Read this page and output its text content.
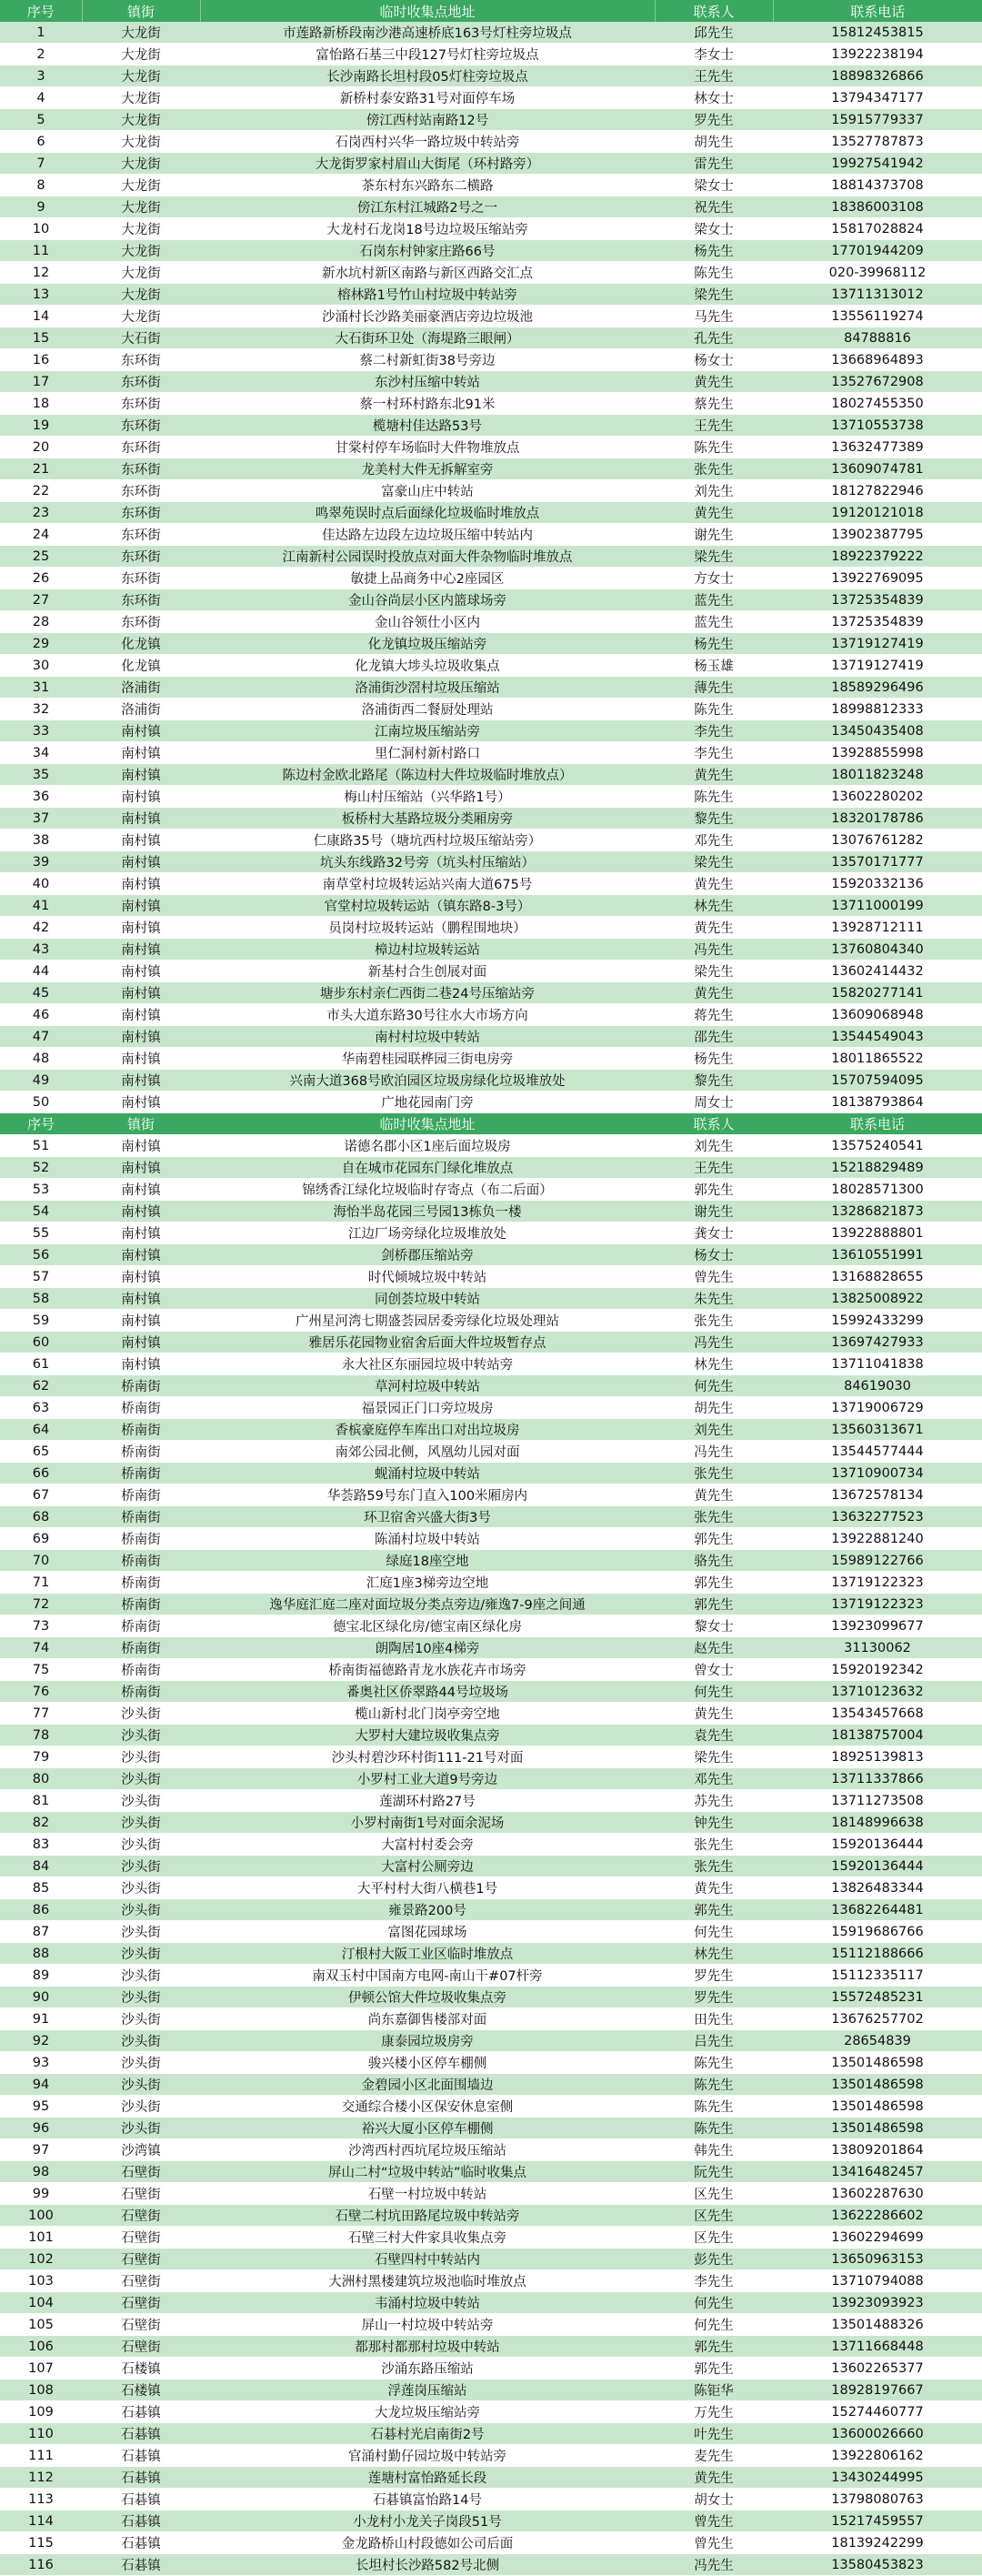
序号	镇街	临时收集点地址	联系人	联系电话
1	大龙街	市莲路新桥段南沙港高速桥底163号灯柱旁垃圾点	邱先生	15812453815
2	大龙街	富怡路石基三中段127号灯柱旁垃圾点	李女士	13922238194
3	大龙街	长沙南路长坦村段05灯柱旁垃圾点	王先生	18898326866
4	大龙街	新桥村泰安路31号对面停车场	林女士	13794347177
5	大龙街	傍江西村站南路12号	罗先生	15915779337
6	大龙街	石岗西村兴华一路垃圾中转站旁	胡先生	13527787873
7	大龙街	大龙街罗家村眉山大街尾（环村路旁）	雷先生	19927541942
8	大龙街	茶东村东兴路东二横路	梁女士	18814373708
9	大龙街	傍江东村江城路2号之一	祝先生	18386003108
10	大龙街	大龙村石龙岗18号边垃圾压缩站旁	梁女士	15817028824
11	大龙街	石岗东村钟家庄路66号	杨先生	17701944209
12	大龙街	新水坑村新区南路与新区西路交汇点	陈先生	020-39968112
13	大龙街	榕林路1号竹山村垃圾中转站旁	梁先生	13711313012
14	大龙街	沙涌村长沙路美丽豪酒店旁边垃圾池	马先生	13556119274
15	大石街	大石街环卫处（海堤路三眼闸）	孔先生	84788816
16	东环街	蔡二村新虹街38号旁边	杨女士	13668964893
17	东环街	东沙村压缩中转站	黄先生	13527672908
18	东环街	蔡一村环村路东北91米	蔡先生	18027455350
19	东环街	榄塘村佳达路53号	王先生	13710553738
20	东环街	甘棠村停车场临时大件物堆放点	陈先生	13632477389
21	东环街	龙美村大件无拆解室旁	张先生	13609074781
22	东环街	富豪山庄中转站	刘先生	18127822946
23	东环街	鸣翠苑误时点后面绿化垃圾临时堆放点	黄先生	19120121018
24	东环街	佳达路左边段左边垃圾压缩中转站内	谢先生	13902387795
25	东环街	江南新村公园误时投放点对面大件杂物临时堆放点	梁先生	18922379222
26	东环街	敏捷上品商务中心2座园区	方女士	13922769095
27	东环街	金山谷尚层小区内篮球场旁	蓝先生	13725354839
28	东环街	金山谷领仕小区内	蓝先生	13725354839
29	化龙镇	化龙镇垃圾压缩站旁	杨先生	13719127419
30	化龙镇	化龙镇大埗头垃圾收集点	杨玉雄	13719127419
31	洛浦街	洛浦街沙滘村垃圾压缩站	薄先生	18589296496
32	洛浦街	洛浦街西二餐厨处理站	陈先生	18998812333
33	南村镇	江南垃圾压缩站旁	李先生	13450435408
34	南村镇	里仁洞村新村路口	李先生	13928855998
35	南村镇	陈边村金欧北路尾（陈边村大件垃圾临时堆放点）	黄先生	18011823248
36	南村镇	梅山村压缩站（兴华路1号）	陈先生	13602280202
37	南村镇	板桥村大基路垃圾分类厢房旁	黎先生	18320178786
38	南村镇	仁康路35号（塘坑西村垃圾压缩站旁）	邓先生	13076761282
39	南村镇	坑头东线路32号旁（坑头村压缩站）	梁先生	13570171777
40	南村镇	南草堂村垃圾转运站兴南大道675号	黄先生	15920332136
41	南村镇	官堂村垃圾转运站（镇东路8-3号）	林先生	13711000199
42	南村镇	员岗村垃圾转运站（鹏程围地块）	黄先生	13928712111
43	南村镇	樟边村垃圾转运站	冯先生	13760804340
44	南村镇	新基村合生创展对面	梁先生	13602414432
45	南村镇	塘步东村亲仁西街二巷24号压缩站旁	黄先生	15820277141
46	南村镇	市头大道东路30号往水大市场方向	蒋先生	13609068948
47	南村镇	南村村垃圾中转站	邵先生	13544549043
48	南村镇	华南碧桂园联桦园三街电房旁	杨先生	18011865522
49	南村镇	兴南大道368号欧泊园区垃圾房绿化垃圾堆放处	黎先生	15707594095
50	南村镇	广地花园南门旁	周女士	18138793864
序号	镇街	临时收集点地址	联系人	联系电话
51	南村镇	诺德名郡小区1座后面垃圾房	刘先生	13575240541
52	南村镇	自在城市花园东门绿化堆放点	王先生	15218829489
53	南村镇	锦绣香江绿化垃圾临时存寄点（布二后面）	郭先生	18028571300
54	南村镇	海怡半岛花园三号园13栋负一楼	谢先生	13286821873
55	南村镇	江边厂场旁绿化垃圾堆放处	龚女士	13922888801
56	南村镇	剑桥郡压缩站旁	杨女士	13610551991
57	南村镇	时代倾城垃圾中转站	曾先生	13168828655
58	南村镇	同创荟垃圾中转站	朱先生	13825008922
59	南村镇	广州星河湾七期盛荟园居委旁绿化垃圾处理站	张先生	15992433299
60	南村镇	雅居乐花园物业宿舍后面大件垃圾暂存点	冯先生	13697427933
61	南村镇	永大社区东丽园垃圾中转站旁	林先生	13711041838
62	桥南街	草河村垃圾中转站	何先生	84619030
63	桥南街	福景园正门口旁垃圾房	胡先生	13719006729
64	桥南街	香槟豪庭停车库出口对出垃圾房	刘先生	13560313671
65	桥南街	南郊公园北侧，风凰幼儿园对面	冯先生	13544577444
66	桥南街	蚬涌村垃圾中转站	张先生	13710900734
67	桥南街	华荟路59号东门直入100米厢房内	黄先生	13672578134
68	桥南街	环卫宿舍兴盛大街3号	张先生	13632277523
69	桥南街	陈涌村垃圾中转站	郭先生	13922881240
70	桥南街	绿庭18座空地	骆先生	15989122766
71	桥南街	汇庭1座3梯旁边空地	郭先生	13719122323
72	桥南街	逸华庭汇庭二座对面垃圾分类点旁边/雍逸7-9座之间通	郭先生	13719122323
73	桥南街	德宝北区绿化房/德宝南区绿化房	黎女士	13923099677
74	桥南街	朗陶居10座4梯旁	赵先生	31130062
75	桥南街	桥南街福德路青龙水族花卉市场旁	曾女士	15920192342
76	桥南街	番奥社区侨翠路44号垃圾场	何先生	13710123632
77	沙头街	榄山新村北门岗亭旁空地	黄先生	13543457668
78	沙头街	大罗村大建垃圾收集点旁	袁先生	18138757004
79	沙头街	沙头村碧沙环村街111-21号对面	梁先生	18925139813
80	沙头街	小罗村工业大道9号旁边	邓先生	13711337866
81	沙头街	莲湖环村路27号	苏先生	13711273508
82	沙头街	小罗村南街1号对面余泥场	钟先生	18148996638
83	沙头街	大富村村委会旁	张先生	15920136444
84	沙头街	大富村公厕旁边	张先生	15920136444
85	沙头街	大平村村大街八横巷1号	黄先生	13826483344
86	沙头街	雍景路200号	郭先生	13682264481
87	沙头街	富图花园球场	何先生	15919686766
88	沙头街	汀根村大阪工业区临时堆放点	林先生	15112188666
89	沙头街	南双玉村中国南方电网-南山干#07杆旁	罗先生	15112335117
90	沙头街	伊顿公馆大件垃圾收集点旁	罗先生	15572485231
91	沙头街	尚东嘉御售楼部对面	田先生	13676257702
92	沙头街	康泰园垃圾房旁	吕先生	28654839
93	沙头街	骏兴楼小区停车棚侧	陈先生	13501486598
94	沙头街	金碧园小区北面围墙边	陈先生	13501486598
95	沙头街	交通综合楼小区保安休息室侧	陈先生	13501486598
96	沙头街	裕兴大厦小区停车棚侧	陈先生	13501486598
97	沙湾镇	沙湾西村西坑尾垃圾压缩站	韩先生	13809201864
98	石壁街	屏山二村“垃圾中转站”临时收集点	阮先生	13416482457
99	石壁街	石壁一村垃圾中转站	区先生	13602287630
100	石壁街	石壁二村坑田路尾垃圾中转站旁	区先生	13622286602
101	石壁街	石壁三村大件家具收集点旁	区先生	13602294699
102	石壁街	石壁四村中转站内	彭先生	13650963153
103	石壁街	大洲村黑楼建筑垃圾池临时堆放点	李先生	13710794088
104	石壁街	韦涌村垃圾中转站	何先生	13923093923
105	石壁街	屏山一村垃圾中转站旁	何先生	13501488326
106	石壁街	都那村都那村垃圾中转站	郭先生	13711668448
107	石楼镇	沙涌东路压缩站	郭先生	13602265377
108	石楼镇	浮莲岗压缩站	陈钜华	18928197667
109	石碁镇	大龙垃圾压缩站旁	万先生	15274460777
110	石碁镇	石碁村光启南街2号	叶先生	13600026660
111	石碁镇	官涌村勤仔园垃圾中转站旁	麦先生	13922806162
112	石碁镇	莲塘村富怡路延长段	黄先生	13430244995
113	石碁镇	石碁镇富怡路14号	胡女士	13798080763
114	石碁镇	小龙村小龙关子岗段51号	曾先生	15217459557
115	石碁镇	金龙路桥山村段德如公司后面	曾先生	18139242299
116	石碁镇	长坦村长沙路582号北侧	冯先生	13580453823
